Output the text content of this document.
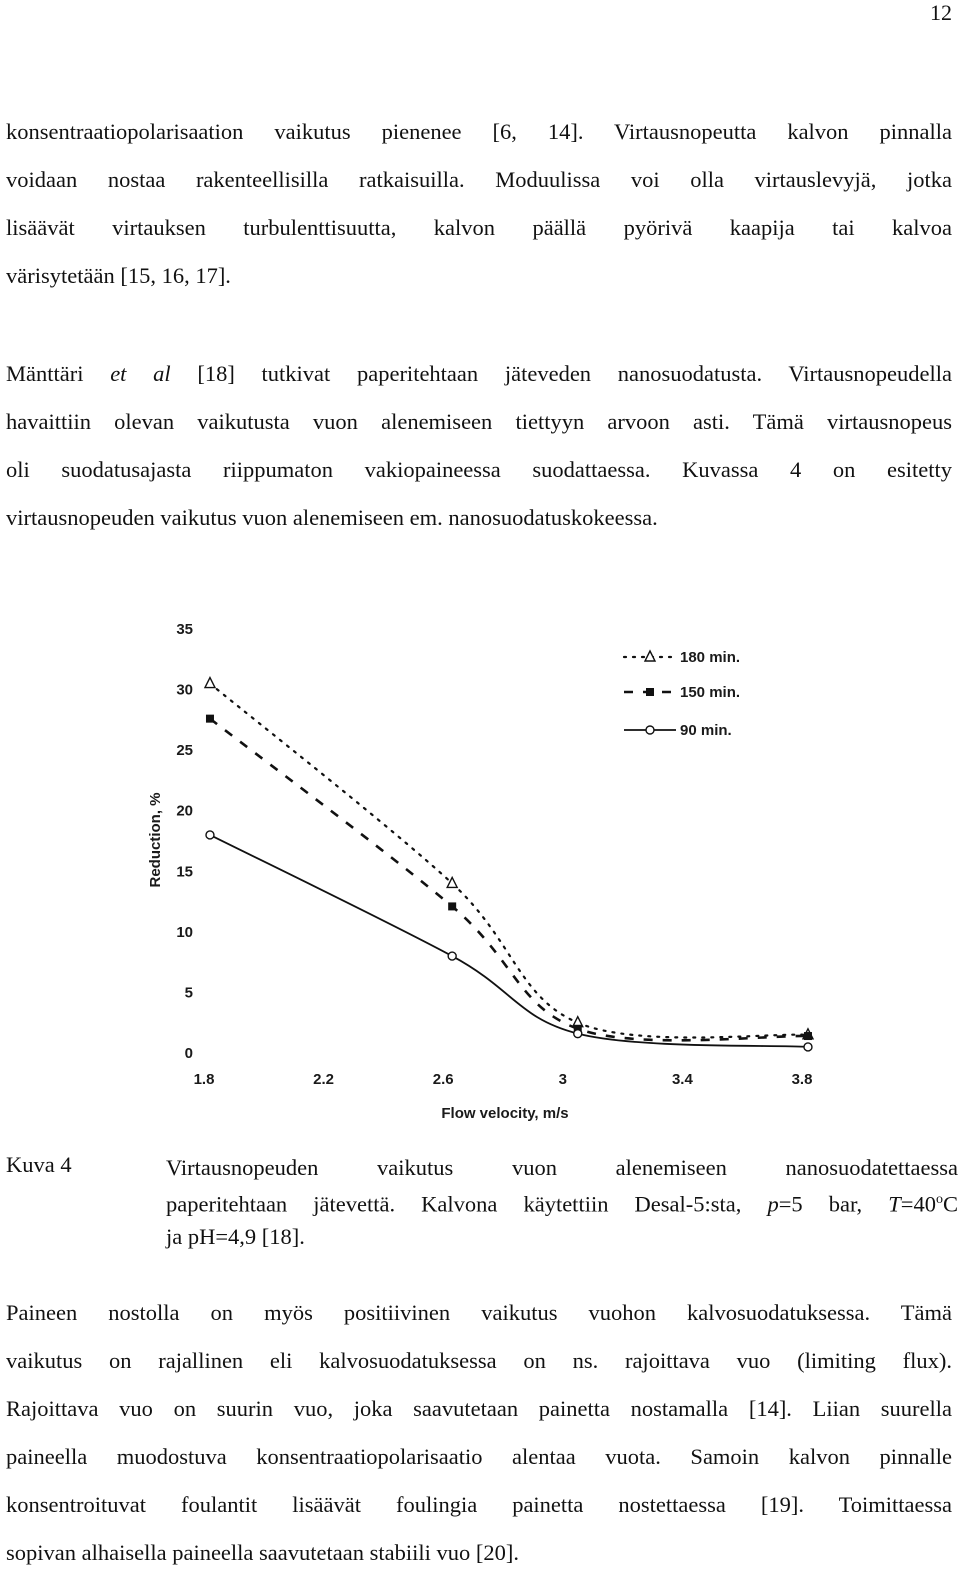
12

konsentraatiopolarisaation vaikutus pienenee [6, 14]. Virtausnopeutta kalvon pinnalla
voidaan nostaa rakenteellisilla ratkaisuilla. Moduulissa voi olla virtauslevyjä, jotka
lisäävät virtauksen turbulenttisuutta, kalvon päällä pyörivä kaapija tai kalvoa
värisytetään [15, 16, 17].

Mänttäri et al [18] tutkivat paperitehtaan jäteveden nanosuodatusta. Virtausnopeudella
havaittiin olevan vaikutusta vuon alenemiseen tiettyyn arvoon asti. Tämä virtausnopeus
oli suodatusajasta riippumaton vakiopaineessa suodattaessa. Kuvassa 4 on esitetty
virtausnopeuden vaikutus vuon alenemiseen em. nanosuodatuskokeessa.

0
5
10
15
20
25
30
35
1.8	2.2	2.6	3	3.4	3.8
Flow velocity, m/s
Reduction, %
180 min.
150 min.
90 min.
Kuva 4	Virtausnopeuden vaikutus vuon alenemiseen nanosuodatettaessa
paperitehtaan jätevettä. Kalvona käytettiin Desal-5:sta, p=5 bar, $T=40^oC$
ja pH=4,9 [18].

Paineen nostolla on myös positiivinen vaikutus vuohon kalvosuodatuksessa. Tämä
vaikutus on rajallinen eli kalvosuodatuksessa on ns. rajoittava vuo (limiting flux).
Rajoittava vuo on suurin vuo, joka saavutetaan painetta nostamalla [14]. Liian suurella
paineella muodostuva konsentraatiopolarisaatio alentaa vuota. Samoin kalvon pinnalle
konsentroituvat foulantit lisäävät foulingia painetta nostettaessa [19]. Toimittaessa
sopivan alhaisella paineella saavutetaan stabiili vuo [20].
